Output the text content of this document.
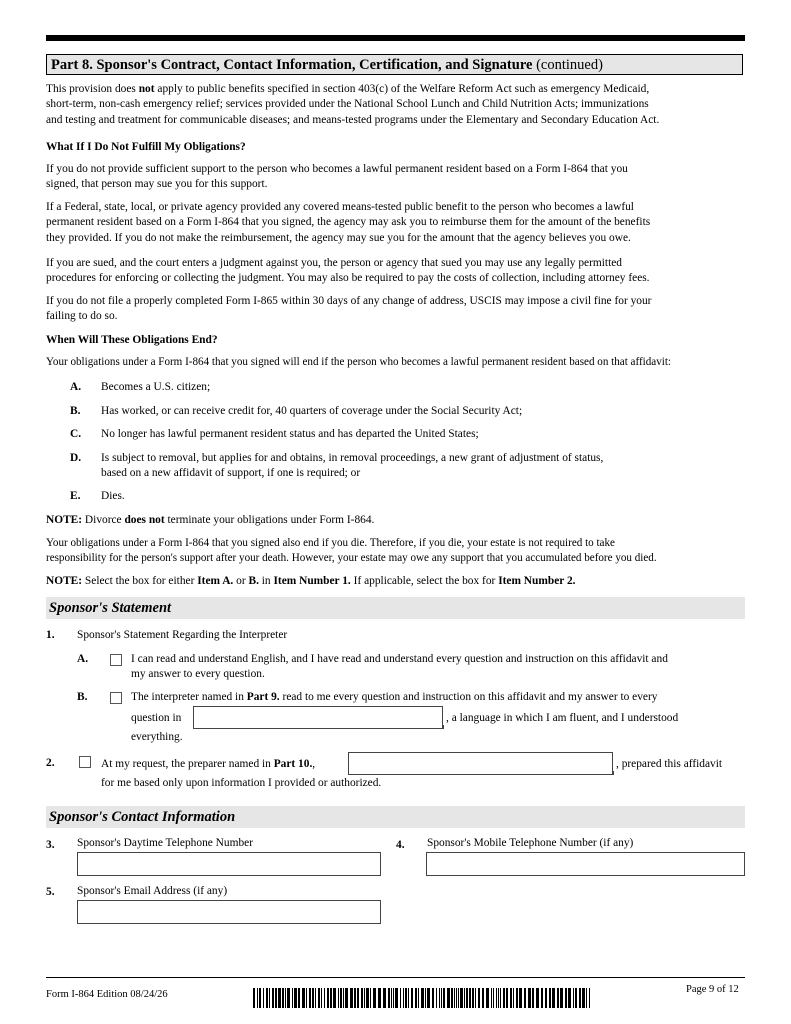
Part 8. Sponsor's Contract, Contact Information, Certification, and Signature (continued)
This provision does not apply to public benefits specified in section 403(c) of the Welfare Reform Act such as emergency Medicaid,
short-term, non-cash emergency relief; services provided under the National School Lunch and Child Nutrition Acts; immunizations
and testing and treatment for communicable diseases; and means-tested programs under the Elementary and Secondary Education Act.
What If I Do Not Fulfill My Obligations?
If you do not provide sufficient support to the person who becomes a lawful permanent resident based on a Form I-864 that you
signed, that person may sue you for this support.
If a Federal, state, local, or private agency provided any covered means-tested public benefit to the person who becomes a lawful
permanent resident based on a Form I-864 that you signed, the agency may ask you to reimburse them for the amount of the benefits
they provided. If you do not make the reimbursement, the agency may sue you for the amount that the agency believes you owe.
If you are sued, and the court enters a judgment against you, the person or agency that sued you may use any legally permitted
procedures for enforcing or collecting the judgment. You may also be required to pay the costs of collection, including attorney fees.
If you do not file a properly completed Form I-865 within 30 days of any change of address, USCIS may impose a civil fine for your
failing to do so.
When Will These Obligations End?
Your obligations under a Form I-864 that you signed will end if the person who becomes a lawful permanent resident based on that affidavit:
A. Becomes a U.S. citizen;
B. Has worked, or can receive credit for, 40 quarters of coverage under the Social Security Act;
C. No longer has lawful permanent resident status and has departed the United States;
D. Is subject to removal, but applies for and obtains, in removal proceedings, a new grant of adjustment of status,
based on a new affidavit of support, if one is required; or
E. Dies.
NOTE: Divorce does not terminate your obligations under Form I-864.
Your obligations under a Form I-864 that you signed also end if you die. Therefore, if you die, your estate is not required to take
responsibility for the person's support after your death. However, your estate may owe any support that you accumulated before you died.
NOTE: Select the box for either Item A. or B. in Item Number 1. If applicable, select the box for Item Number 2.
Sponsor's Statement
1. Sponsor's Statement Regarding the Interpreter
A.	I can read and understand English, and I have read and understand every question and instruction on this affidavit and
my answer to every question.
B.	The interpreter named in Part 9. read to me every question and instruction on this affidavit and my answer to every
question in	, a language in which I am fluent, and I understood
everything.
2.	At my request, the preparer named in Part 10.,	, prepared this affidavit
for me based only upon information I provided or authorized.
Sponsor's Contact Information
3. Sponsor's Daytime Telephone Number	4. Sponsor's Mobile Telephone Number (if any)
5. Sponsor's Email Address (if any)
Form I-864 Edition 08/24/26	Page 9 of 12
